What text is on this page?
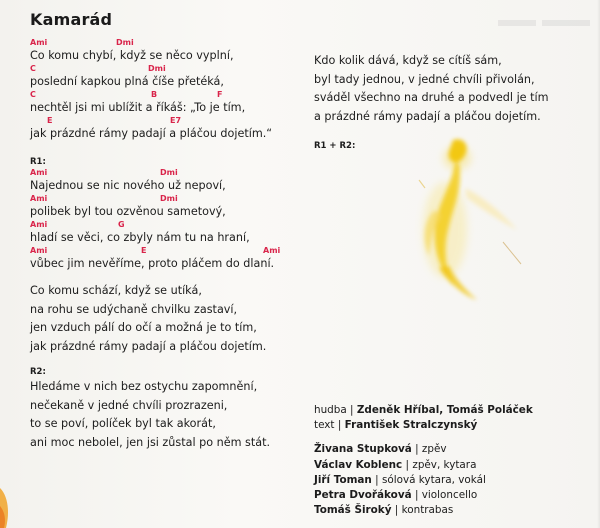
Kamarád
Ami	Dmi
Co komu chybí, když se něco vyplní,
C	Dmi
poslední kapkou plná číše přetéká,
C	B	F
nechtěl jsi mi ublížit a říkáš: „To je tím,
E	E7
jak prázdné rámy padají a pláčou dojetím.“
R1:
Ami	Dmi
Najednou se nic nového už nepoví,
Ami	Dmi
polibek byl tou ozvěnou sametový,
Ami	G
hladí se věci, co zbyly nám tu na hraní,
Ami	E	Ami
vůbec jim nevěříme, proto pláčem do dlaní.
Co komu schází, když se utíká,
na rohu se udýchaně chvilku zastaví,
jen vzduch pálí do očí a možná je to tím,
jak prázdné rámy padají a pláčou dojetím.
R2:
Hledáme v nich bez ostychu zapomnění,
nečekaně v jedné chvíli prozrazeni,
to se poví, políček byl tak akorát,
ani moc nebolel, jen jsi zůstal po něm stát.
Kdo kolik dává, když se cítíš sám,
byl tady jednou, v jedné chvíli přivolán,
sváděl všechno na druhé a podvedl je tím
a prázdné rámy padají a pláčou dojetím.
R1 + R2:
hudba | Zdeněk Hříbal, Tomáš Poláček
text | František Stralczynský
Živana Stupková | zpěv
Václav Koblenc | zpěv, kytara
Jiří Toman | sólová kytara, vokál
Petra Dvořáková | violoncello
Tomáš Široký | kontrabas
